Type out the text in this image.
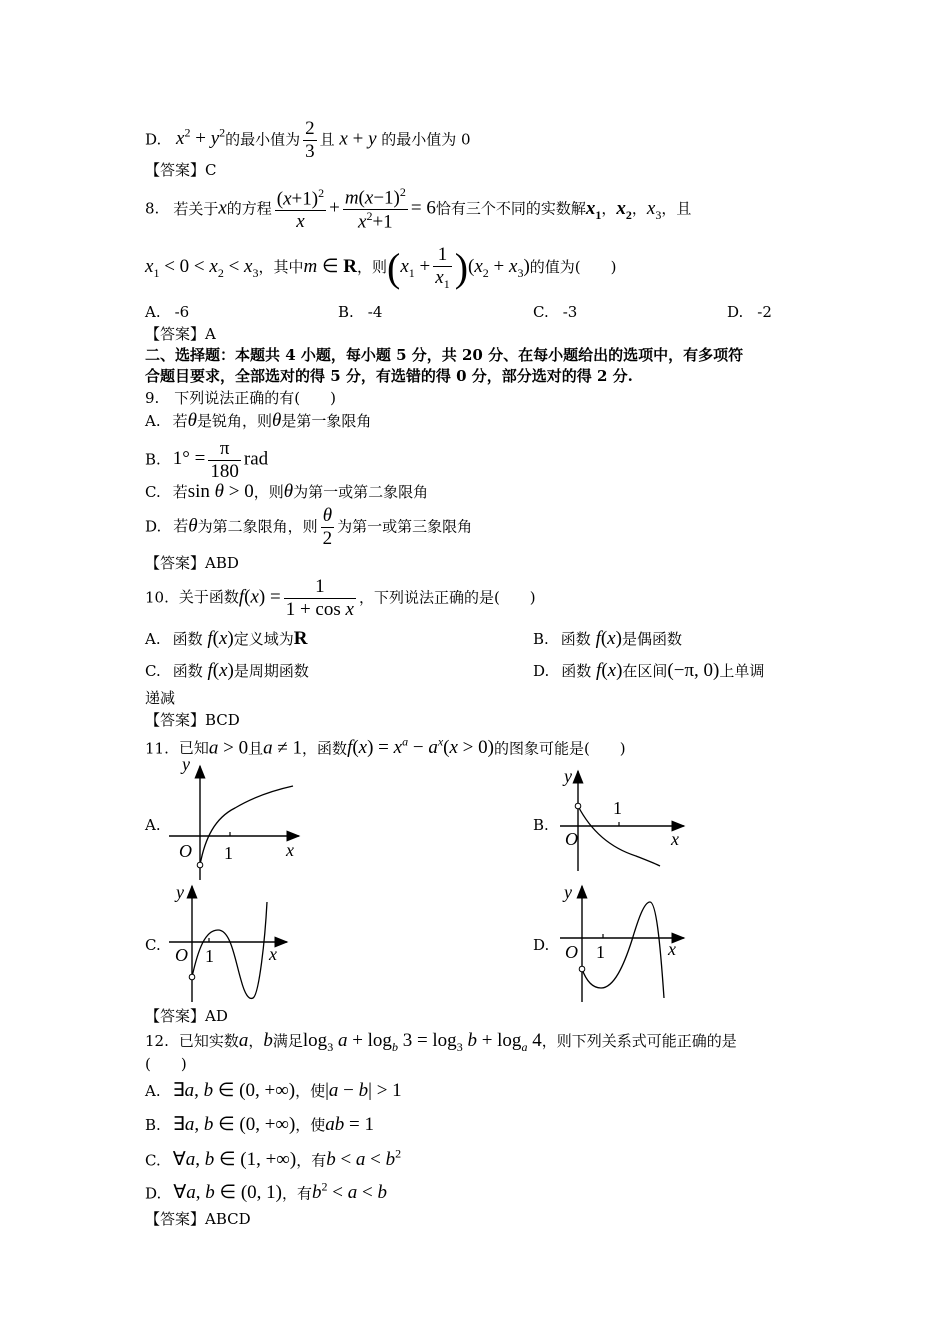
D. $x^2 + y^2$的最小值为 $\frac{2}{3}$ 且 x + y 的最小值为 0
【答案】C
8. 若关于x的方程 $\frac{(x+1)^2}{x} + \frac{m(x-1)^2}{x^2+1} = 6$恰有三个不同的实数解$x_1$，$x_2$，$x_3$，且
$x_1 < 0 < x_2 < x_3$，其中m ∈ R，则$(x_1 + \frac{1}{x_1} )(x_2 + x_3)$的值为(　　)
A. -6	B. -4	C. -3	D. -2
【答案】A
二、选择题：本题共 4 小题，每小题 5 分，共 20 分、在每小题给出的选项中，有多项符
合题目要求，全部选对的得 5 分，有选错的得 0 分，部分选对的得 2 分.
9.　下列说法正确的有(　　)
A. 若θ是锐角，则θ是第一象限角
B. $1^\circ = \frac{\pi}{180}$ rad
C. 若sin θ > 0，则θ为第一或第二象限角
D. 若θ为第二象限角，则 $\frac{\theta}{2}$ 为第一或第三象限角
【答案】ABD
10. 关于函数$f(x) = \frac{1}{\text{1 + cos x}}$ ，下列说法正确的是(　　)
A. 函数 f(x)定义域为R	B. 函数 f(x)是偶函数
C. 函数 f(x)是周期函数	D. 函数 f(x)在区间(−π, 0)上单调
递减
【答案】BCD
11. 已知a > 0且a ≠ 1，函数$f(x) = x^a - a^x(x > 0)$的图象可能是(　　)
A.	B.
C.	D.
y
O 1	x
y
O
1
x
y
O 1	x
y
O 1	x
【答案】AD
12. 已知实数a，b满足$\log_3 a + \log_b 3 = \log_3 b + \log_a 4$，则下列关系式可能正确的是
(　　)
A. ∃a, b ∈ (0, +∞)，使|a − b| > 1
B. ∃a, b ∈ (0, +∞)，使ab = 1
C. ∀a, b ∈ (1, +∞)，有$b < a < b^2$
D. ∀a, b ∈ (0, 1)，有$b^2 < a < b$
【答案】ABCD
